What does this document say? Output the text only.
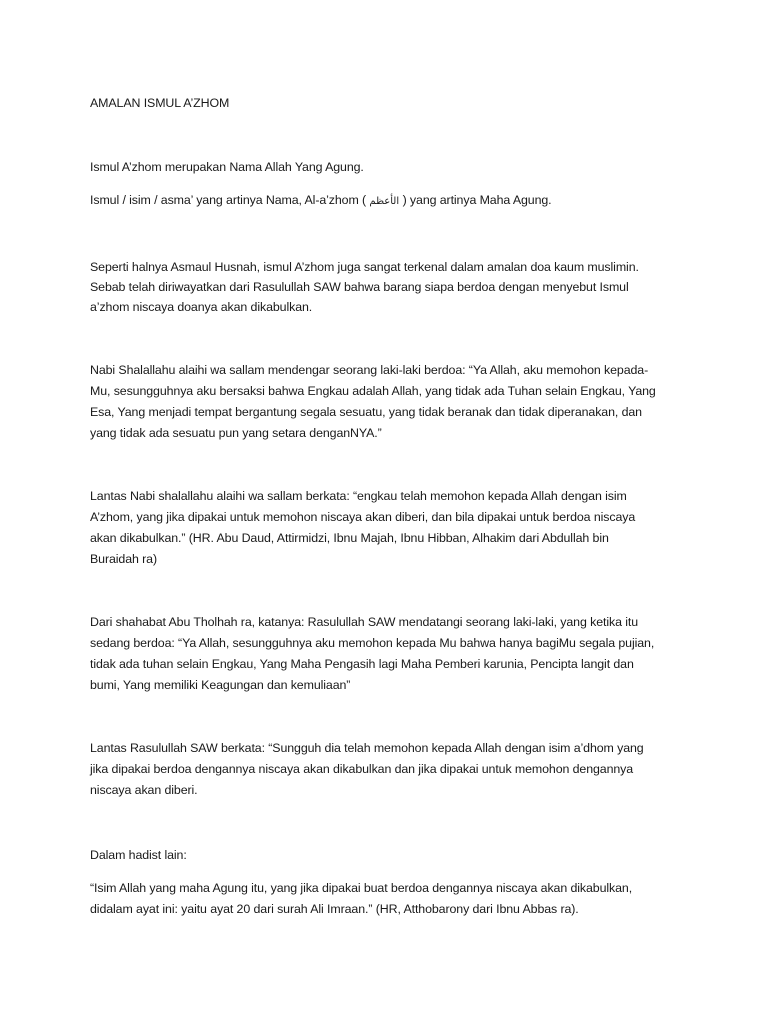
AMALAN ISMUL A’ZHOM
Ismul A’zhom merupakan Nama Allah Yang Agung.
Ismul / isim / asma’ yang artinya Nama, Al-a’zhom ( الأعظم ) yang artinya Maha Agung.
Seperti halnya Asmaul Husnah, ismul A’zhom juga sangat terkenal dalam amalan doa kaum muslimin.
Sebab telah diriwayatkan dari Rasulullah SAW bahwa barang siapa berdoa dengan menyebut Ismul
a’zhom niscaya doanya akan dikabulkan.
Nabi Shalallahu alaihi wa sallam mendengar seorang laki-laki berdoa: “Ya Allah, aku memohon kepada-
Mu, sesungguhnya aku bersaksi bahwa Engkau adalah Allah, yang tidak ada Tuhan selain Engkau, Yang
Esa, Yang menjadi tempat bergantung segala sesuatu, yang tidak beranak dan tidak diperanakan, dan
yang tidak ada sesuatu pun yang setara denganNYA.”
Lantas Nabi shalallahu alaihi wa sallam berkata: “engkau telah memohon kepada Allah dengan isim
A’zhom, yang jika dipakai untuk memohon niscaya akan diberi, dan bila dipakai untuk berdoa niscaya
akan dikabulkan.” (HR. Abu Daud, Attirmidzi, Ibnu Majah, Ibnu Hibban, Alhakim dari Abdullah bin
Buraidah ra)
Dari shahabat Abu Tholhah ra, katanya: Rasulullah SAW mendatangi seorang laki-laki, yang ketika itu
sedang berdoa: “Ya Allah, sesungguhnya aku memohon kepada Mu bahwa hanya bagiMu segala pujian,
tidak ada tuhan selain Engkau, Yang Maha Pengasih lagi Maha Pemberi karunia, Pencipta langit dan
bumi, Yang memiliki Keagungan dan kemuliaan”
Lantas Rasulullah SAW berkata: “Sungguh dia telah memohon kepada Allah dengan isim a’dhom yang
jika dipakai berdoa dengannya niscaya akan dikabulkan dan jika dipakai untuk memohon dengannya
niscaya akan diberi.
Dalam hadist lain:
“Isim Allah yang maha Agung itu, yang jika dipakai buat berdoa dengannya niscaya akan dikabulkan,
didalam ayat ini: yaitu ayat 20 dari surah Ali Imraan.” (HR, Atthobarony dari Ibnu Abbas ra).
